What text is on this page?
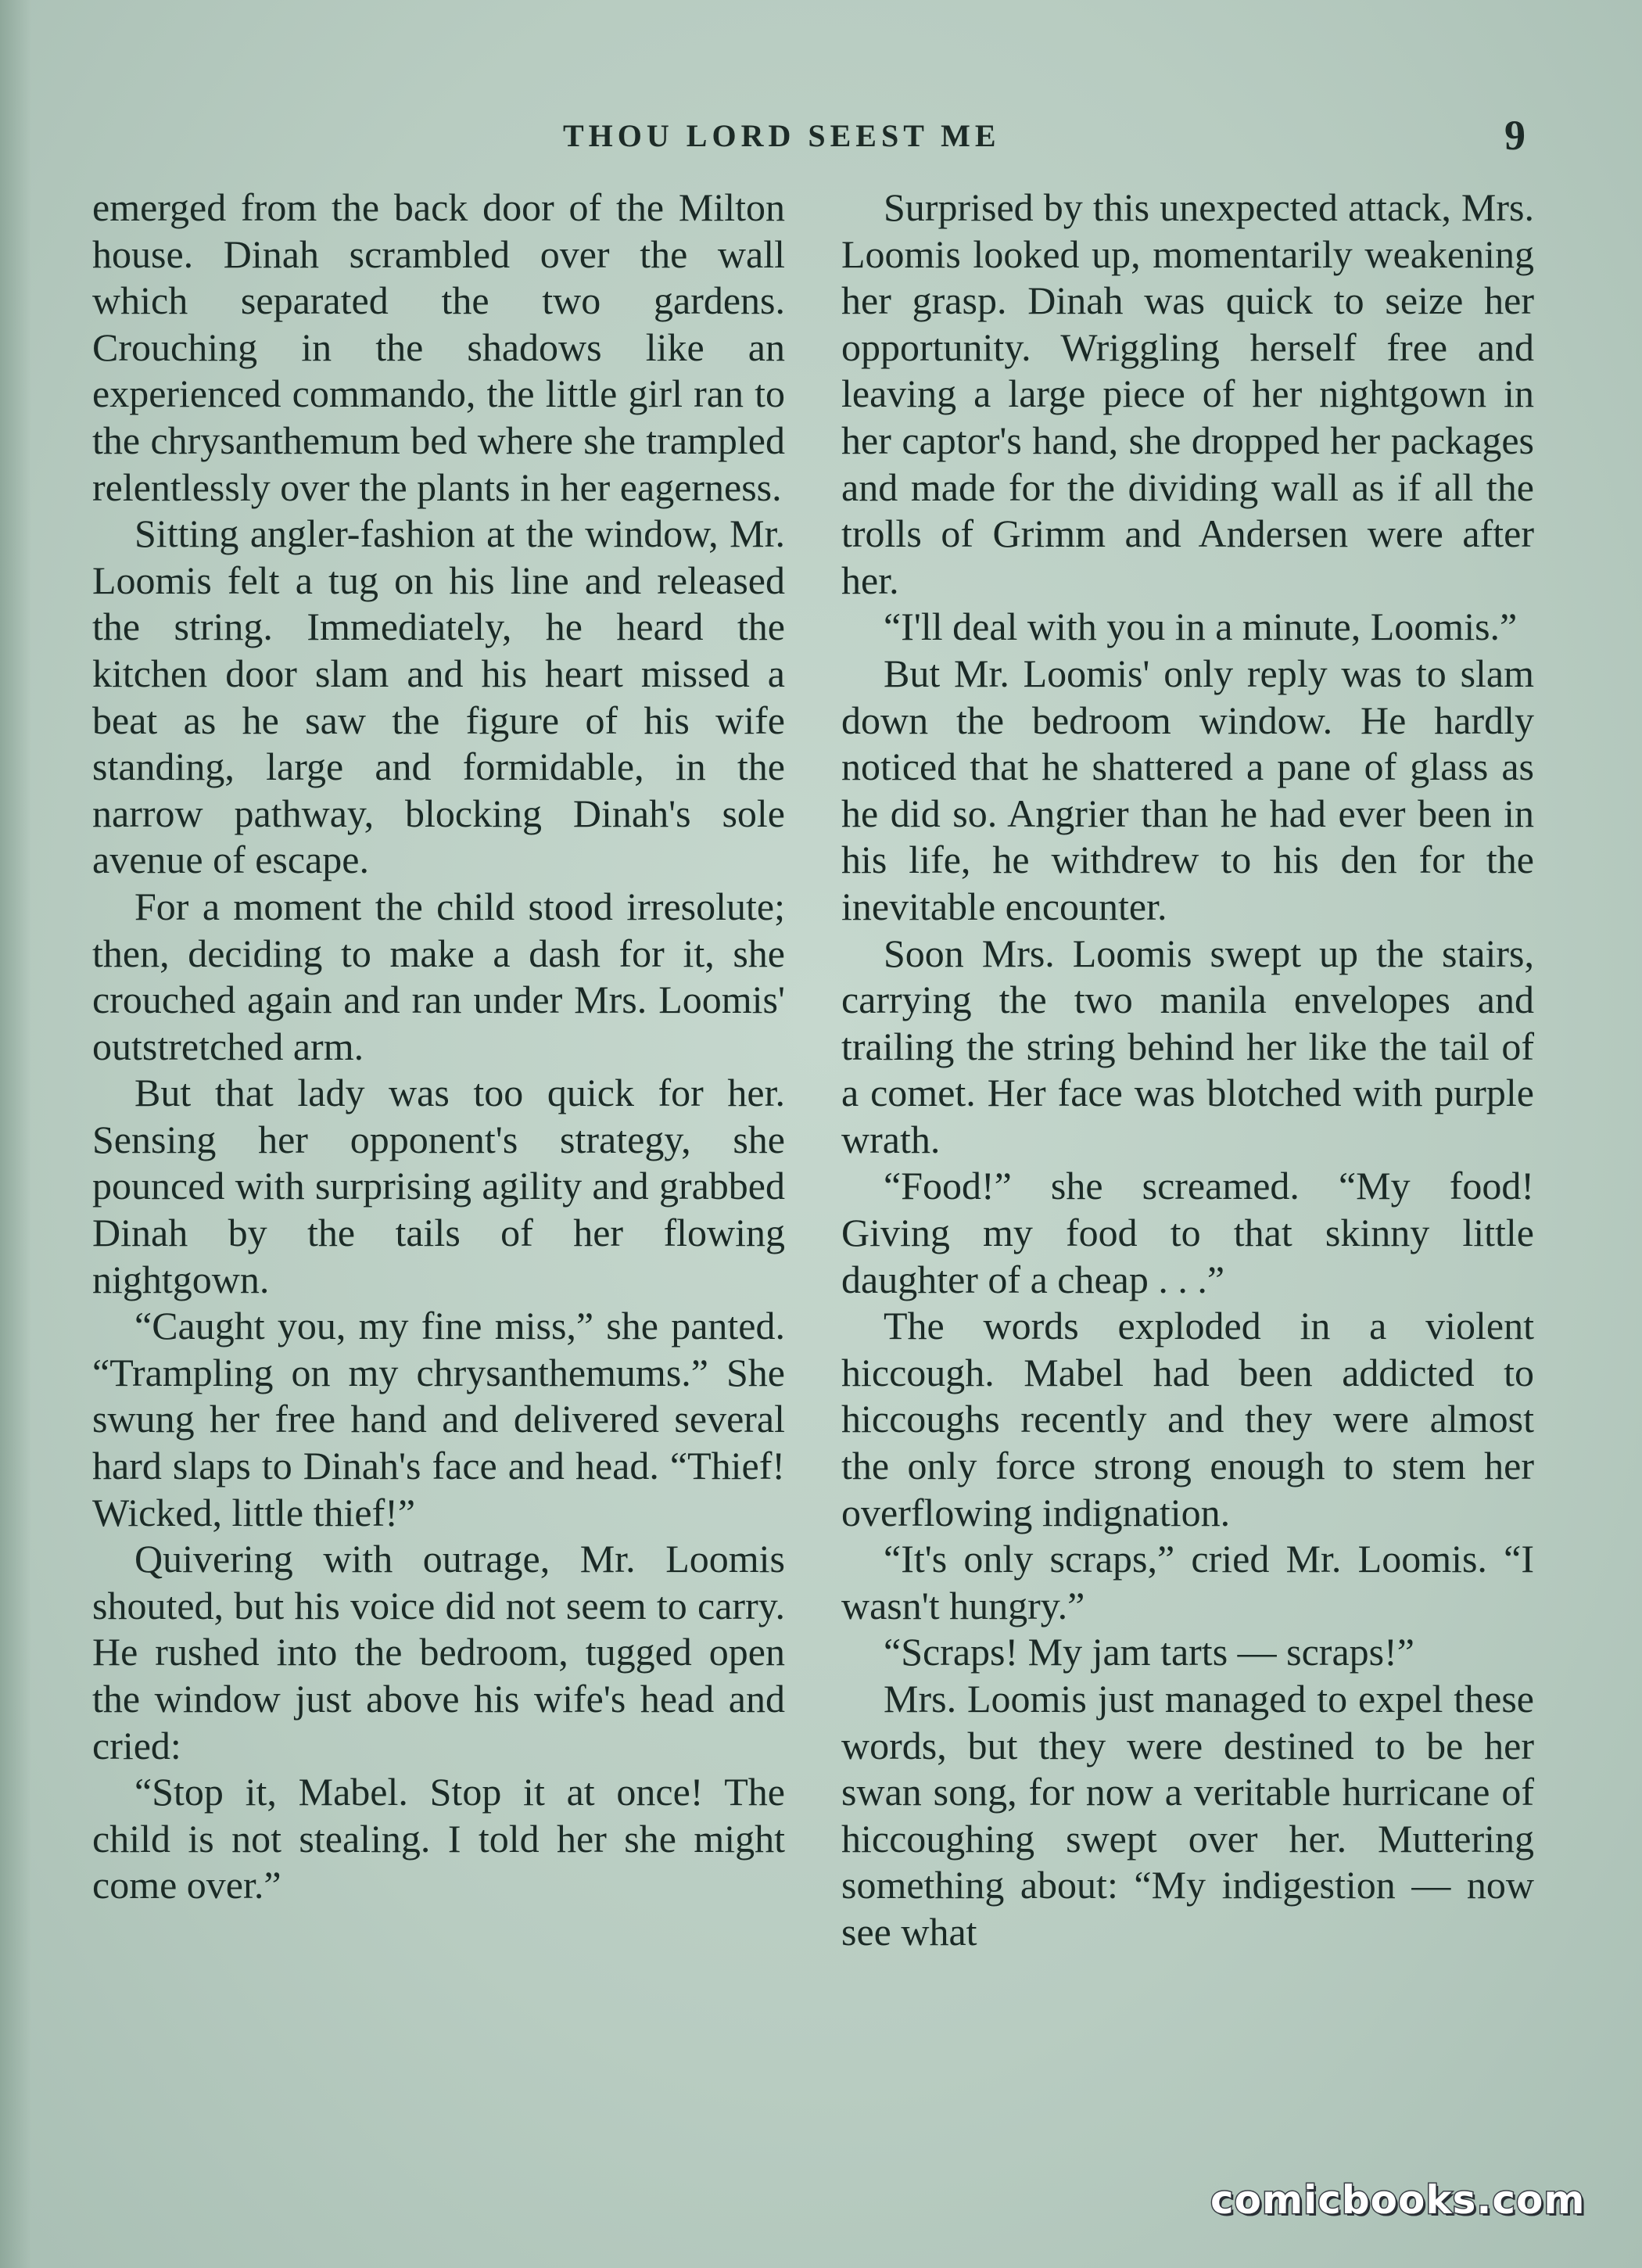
THOU LORD SEEST ME	9

emerged from the back door of the Milton house. Dinah scrambled over the wall which separated the two gardens. Crouching in the shadows like an experienced commando, the little girl ran to the chrysanthemum bed where she trampled relentlessly over the plants in her eagerness.

Sitting angler-fashion at the window, Mr. Loomis felt a tug on his line and released the string. Immediately, he heard the kitchen door slam and his heart missed a beat as he saw the figure of his wife standing, large and formidable, in the narrow pathway, blocking Dinah's sole avenue of escape.

For a moment the child stood irresolute; then, deciding to make a dash for it, she crouched again and ran under Mrs. Loomis' outstretched arm.

But that lady was too quick for her. Sensing her opponent's strategy, she pounced with surprising agility and grabbed Dinah by the tails of her flowing nightgown.

“Caught you, my fine miss,” she panted. “Trampling on my chrysanthemums.” She swung her free hand and delivered several hard slaps to Dinah's face and head. “Thief! Wicked, little thief!”

Quivering with outrage, Mr. Loomis shouted, but his voice did not seem to carry. He rushed into the bedroom, tugged open the window just above his wife's head and cried:

“Stop it, Mabel. Stop it at once! The child is not stealing. I told her she might come over.”

Surprised by this unexpected attack, Mrs. Loomis looked up, momentarily weakening her grasp. Dinah was quick to seize her opportunity. Wriggling herself free and leaving a large piece of her nightgown in her captor's hand, she dropped her packages and made for the dividing wall as if all the trolls of Grimm and Andersen were after her.

“I'll deal with you in a minute, Loomis.”

But Mr. Loomis' only reply was to slam down the bedroom window. He hardly noticed that he shattered a pane of glass as he did so. Angrier than he had ever been in his life, he withdrew to his den for the inevitable encounter.

Soon Mrs. Loomis swept up the stairs, carrying the two manila envelopes and trailing the string behind her like the tail of a comet. Her face was blotched with purple wrath.

“Food!” she screamed. “My food! Giving my food to that skinny little daughter of a cheap . . .”

The words exploded in a violent hiccough. Mabel had been addicted to hiccoughs recently and they were almost the only force strong enough to stem her overflowing indignation.

“It's only scraps,” cried Mr. Loomis. “I wasn't hungry.”

“Scraps! My jam tarts — scraps!”

Mrs. Loomis just managed to expel these words, but they were destined to be her swan song, for now a veritable hurricane of hiccoughing swept over her. Muttering something about: “My indigestion — now see what

comicbooks.com
